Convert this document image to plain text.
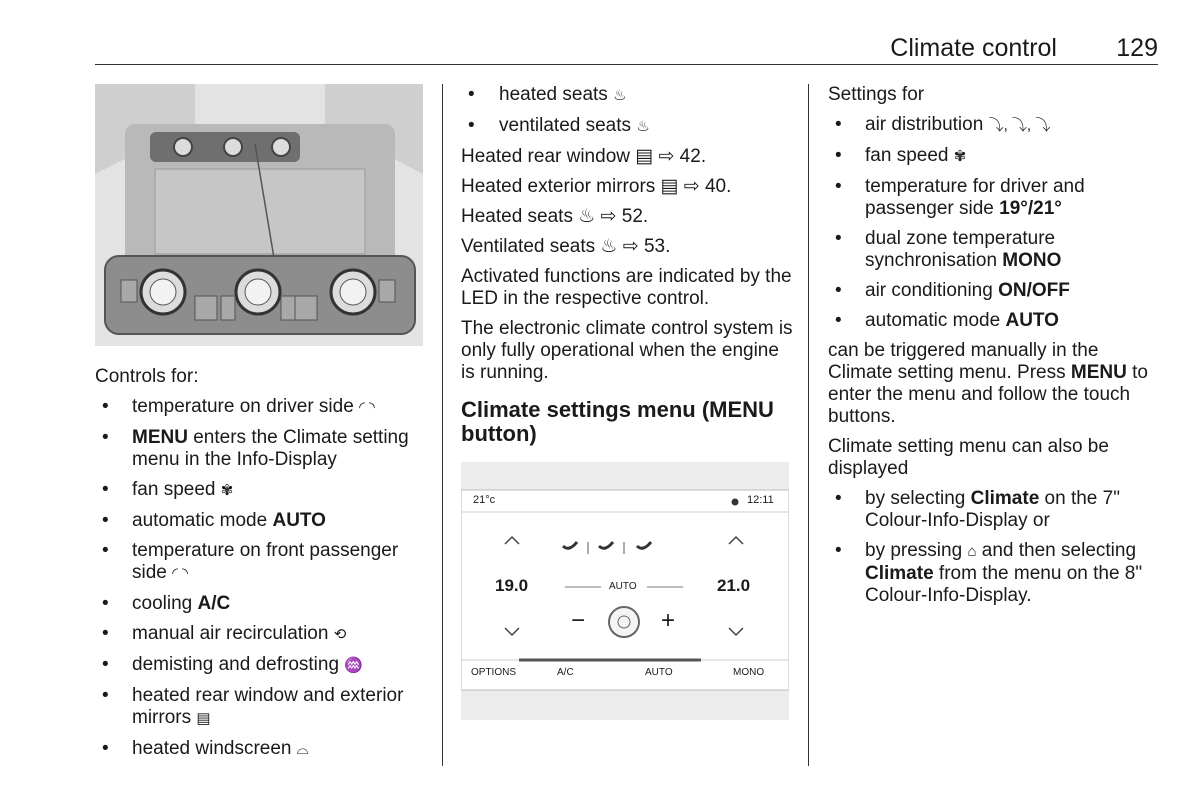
Climate control	129

Controls for:

• temperature on driver side ◜ ◝
• MENU enters the Climate setting menu in the Info-Display
• fan speed ✾
• automatic mode AUTO
• temperature on front passenger side ◜ ◝
• cooling A/C
• manual air recirculation ⟲
• demisting and defrosting ♒
• heated rear window and exterior mirrors ▤
• heated windscreen ⌓
• heated seats ♨
• ventilated seats ♨

Heated rear window ▤ ⇨ 42.

Heated exterior mirrors ▤ ⇨ 40.

Heated seats ♨ ⇨ 52.

Ventilated seats ♨ ⇨ 53.

Activated functions are indicated by the LED in the respective control.

The electronic climate control system is only fully operational when the engine is running.

Climate settings menu (MENU button)
21°c	12:11
19.0	21.0
AUTO
−	+
OPTIONS	A/C	AUTO	MONO

Settings for

• air distribution ⤵, ⤵, ⤵
• fan speed ✾
• temperature for driver and passenger side 19°/21°
• dual zone temperature synchronisation MONO
• air conditioning ON/OFF
• automatic mode AUTO

can be triggered manually in the Climate setting menu. Press MENU to enter the menu and follow the touch buttons.

Climate setting menu can also be displayed

• by selecting Climate on the 7" Colour-Info-Display or
• by pressing ⌂ and then selecting Climate from the menu on the 8" Colour-Info-Display.
